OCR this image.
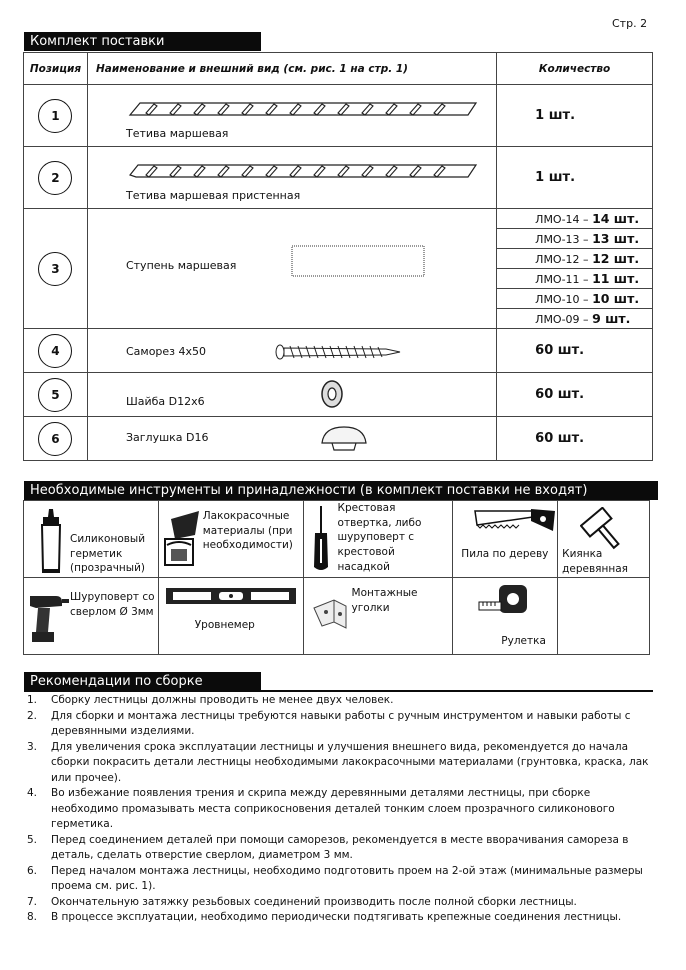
Стр. 2
Комплект поставки
Позиция	Наименование и внешний вид (см. рис. 1 на стр. 1)	Количество

1	Тетива маршевая	1 шт.

2	Тетива маршевая пристенная	1 шт.

3	Ступень маршевая	ЛМО-14 – 14 шт.
		ЛМО-13 – 13 шт.
		ЛМО-12 – 12 шт.
		ЛМО-11 – 11 шт.
		ЛМО-10 – 10 шт.
		ЛМО-09 – 9 шт.

4	Саморез 4х50	60 шт.

5	Шайба D12х6	60 шт.

6	Заглушка D16	60 шт.
Необходимые инструменты и принадлежности (в комплект поставки не входят)
Силиконовый герметик (прозрачный)	Лакокрасочные материалы (при необходимости)	Крестовая отвертка, либо шуруповерт с крестовой насадкой	Пила по дереву	Киянка деревянная

Шуруповерт со сверлом Ø 3мм	Уровнемер	Монтажные уголки	Рулетка	

Рекомендации по сборке
1. Сборку лестницы должны проводить не менее двух человек.
2. Для сборки и монтажа лестницы требуются навыки работы с ручным инструментом и навыки работы с деревянными изделиями.
3. Для увеличения срока эксплуатации лестницы и улучшения внешнего вида, рекомендуется до начала сборки покрасить детали лестницы необходимыми лакокрасочными материалами (грунтовка, краска, лак или прочее).
4. Во избежание появления трения и скрипа между деревянными деталями лестницы, при сборке необходимо промазывать места соприкосновения деталей тонким слоем прозрачного силиконового герметика.
5. Перед соединением деталей при помощи саморезов, рекомендуется в месте вворачивания самореза в деталь, сделать отверстие сверлом, диаметром 3 мм.
6. Перед началом монтажа лестницы, необходимо подготовить проем на 2-ой этаж (минимальные размеры проема см. рис. 1).
7. Окончательную затяжку резьбовых соединений производить после полной сборки лестницы.
8. В процессе эксплуатации, необходимо периодически подтягивать крепежные соединения лестницы.
